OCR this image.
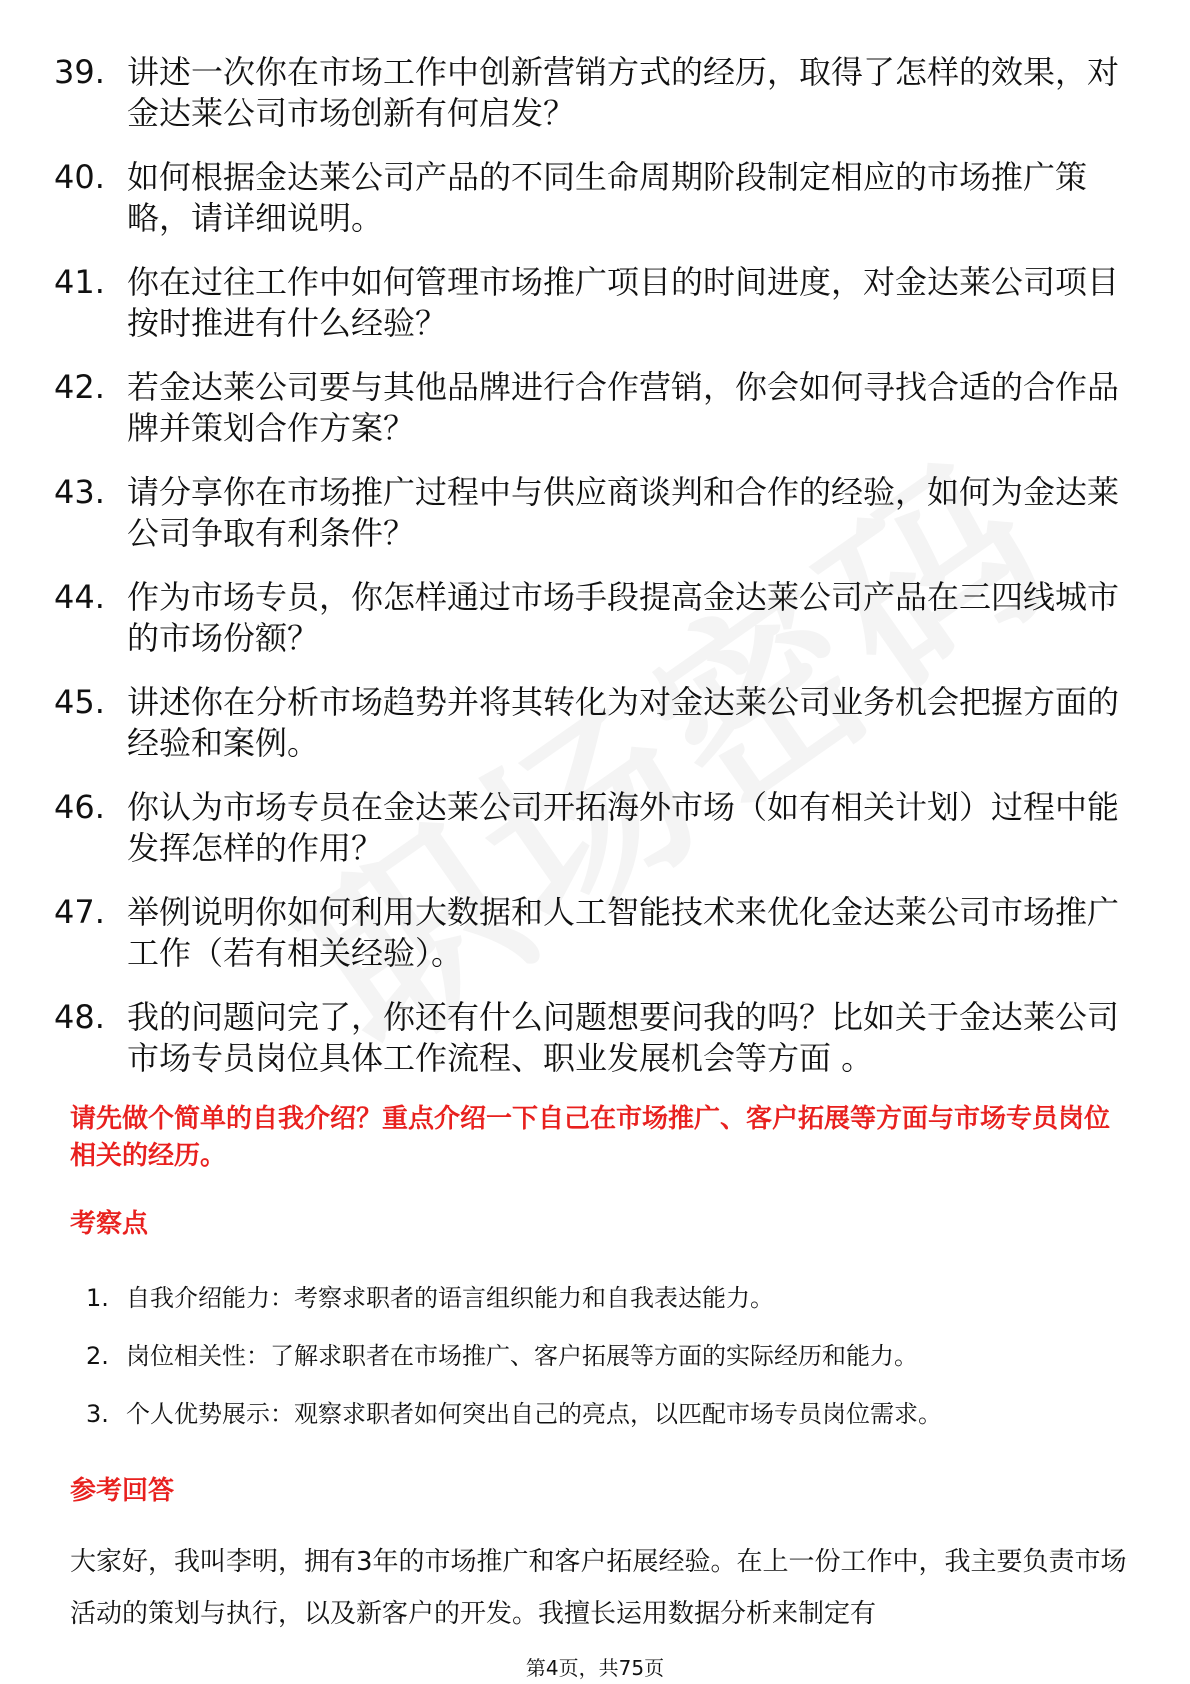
39. 讲述一次你在市场工作中创新营销方式的经历，取得了怎样的效果，对金达莱公司市场创新有何启发？
40. 如何根据金达莱公司产品的不同生命周期阶段制定相应的市场推广策略，请详细说明。
41. 你在过往工作中如何管理市场推广项目的时间进度，对金达莱公司项目按时推进有什么经验？
42. 若金达莱公司要与其他品牌进行合作营销，你会如何寻找合适的合作品牌并策划合作方案？
43. 请分享你在市场推广过程中与供应商谈判和合作的经验，如何为金达莱公司争取有利条件？
44. 作为市场专员，你怎样通过市场手段提高金达莱公司产品在三四线城市的市场份额？
45. 讲述你在分析市场趋势并将其转化为对金达莱公司业务机会把握方面的经验和案例。
46. 你认为市场专员在金达莱公司开拓海外市场（如有相关计划）过程中能发挥怎样的作用？
47. 举例说明你如何利用大数据和人工智能技术来优化金达莱公司市场推广工作（若有相关经验）。
48. 我的问题问完了，你还有什么问题想要问我的吗？比如关于金达莱公司市场专员岗位具体工作流程、职业发展机会等方面 。
请先做个简单的自我介绍？重点介绍一下自己在市场推广、客户拓展等方面与市场专员岗位相关的经历。
考察点
1. 自我介绍能力：考察求职者的语言组织能力和自我表达能力。
2. 岗位相关性：了解求职者在市场推广、客户拓展等方面的实际经历和能力。
3. 个人优势展示：观察求职者如何突出自己的亮点，以匹配市场专员岗位需求。
参考回答
大家好，我叫李明，拥有3年的市场推广和客户拓展经验。在上一份工作中，我主要负责市场活动的策划与执行，以及新客户的开发。我擅长运用数据分析来制定有
第4页，共75页
